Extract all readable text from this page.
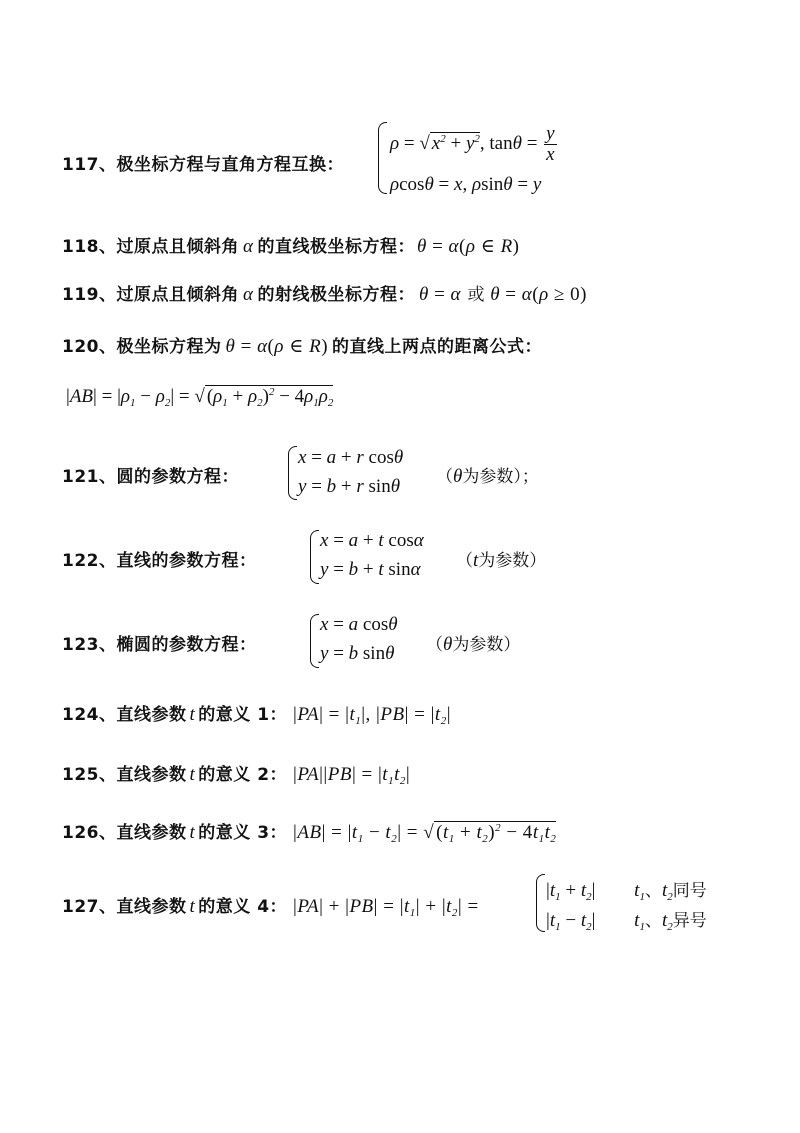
117、极坐标方程与直角方程互换：
ρ = √ $x^2 + y^2$, $\tan\theta = \frac{y}{x}$
ρcosθ = x, ρsinθ = y
118、过原点且倾斜角 α 的直线极坐标方程： θ = α(ρ ∈ R)
119、过原点且倾斜角 α 的射线极坐标方程： θ = α 或 θ = α(ρ ≥ 0)
120、极坐标方程为 θ = α(ρ ∈ R) 的直线上两点的距离公式：
$|AB| = |\rho_1 - \rho_2|$ = √ $(\rho_1 + \rho_2)^2 - 4\rho_1\rho_2$
121、圆的参数方程：
x = a + r cosθ
y = b + r sinθ （θ为参数）；
122、直线的参数方程：
x = a + t cosα
y = b + t sinα （t为参数）
123、椭圆的参数方程：
x = a cosθ
y = b sinθ （θ为参数）
124、直线参数 t 的意义 1： $|PA| = |t_1|$, $|PB| = |t_2|$
125、直线参数 t 的意义 2： $|PA||PB| = |t_1t_2|$
126、直线参数 t 的意义 3： $|AB| = |t_1 - t_2|$ = √ $(t_1 + t_2)^2 - 4t_1t_2$
127、直线参数 t 的意义 4： $|PA| + |PB| = |t_1| + |t_2|$ =
$|t_1 + t_2|$ $t_1$、$t_2$同号
$|t_1 - t_2|$ $t_1$、$t_2$异号
